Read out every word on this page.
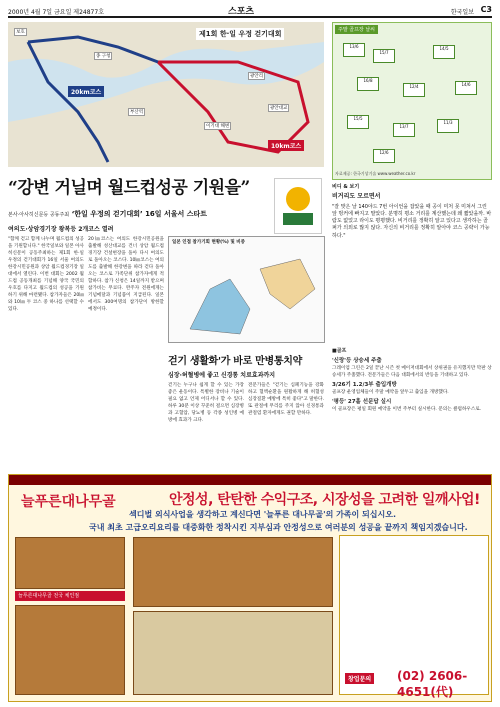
2000년 4월 7일 금요일 제24877호	스포츠	한국일보 C3
제1회 한·일 우정 걷기대회
20km코스
10km코스
보호
종 구청
광안리
이기대 해변
부산역
광안대교
주말 골프장 날씨
13/6
15/7
14/5
16/8
12/4	14/6
15/5
13/7
11/3
12/6
자료제공: 한국기상기술 www.weather.co.kr
비디 & 보기
비거리도 모르면서
"잘 맞은 날 140야드 7번 아이언을 잡았을 때 공이 미처 못 미쳐서 그린 앞 벙커에 빠지고 말았다. 분명히 평소 거리를 계산했는데 왜 짧았을까. 바람도 없었고 라이도 평평했다. 비거리를 정확히 알고 있다고 생각하는 골퍼가 의외로 많지 않다. 자신의 비거리를 정확히 알아야 코스 공략이 가능하다."
“강변 거닐며 월드컵성공 기원을”
본사·아사히신문등 공동주최 ‘한일 우정의 걷기대회’ 16일 서울서 스타트
여의도·상암경기장 왕복등 2개코스 열려
"함께 걷고 함께 나누며 월드컵의 성공을 기원합니다." 한국일보와 일본 아사히신문이 공동주최하는 제1회 한·일 우정의 걷기대회가 16일 서울 여의도 한강시민공원과 상암 월드컵경기장 일대에서 열린다. 이번 대회는 2002 월드컵 공동개최를 기념해 양국 국민의 우호를 다지고 월드컵의 성공을 기원하기 위해 마련됐다. 참가자들은 20㎞와 10㎞ 두 코스 중 하나를 선택할 수 있다.
20㎞코스는 여의도 한강시민공원을 출발해 성산대교를 건너 상암 월드컵경기장 건설현장을 돌아 다시 여의도로 돌아오는 코스다. 10㎞코스는 여의도를 출발해 한강변을 따라 걷다 돌아오는 코스로 가족단위 참가자에게 적합하다. 참가 신청은 14일까지 받으며 참가비는 무료다. 완주자 전원에게는 기념메달과 기념품이 지급된다. 일본에서도 300여명의 참가단이 방한할 예정이다.
일본 인접 참가기회 현황(%) 및 비중
걷기 생활화'가 바로 만병통치약
심장·허혈병에 좋고 신경통 치료효과까지
걷기는 누구나 쉽게 할 수 있는 가장 좋은 운동이다. 특별한 장비나 기술이 필요 없고 언제 어디서나 할 수 있다. 하루 30분 이상 꾸준히 걸으면 심장병과 고혈압, 당뇨병 등 각종 성인병 예방에 효과가 크다.
전문가들은 "걷기는 심폐기능을 강화하고 혈액순환을 원활하게 해 허혈성 심장질환 예방에 특히 좋다"고 말한다. 또 관절에 무리를 주지 않아 신경통과 관절염 환자에게도 권할 만하다.
■골프
'신랑'등 상승세 주춤
그레이엄 그린은 2일 끝난 시즌 첫 메이저대회에서 상위권을 유지했지만 막판 상승세가 주춤했다. 전문가들은 다음 대회에서의 반등을 기대하고 있다.
3/26기 1.2/3부 출입개방
골프장 운영업체들이 주말 예약을 앞두고 출입을 개방했다.
'평등' 27홀 선문답 실시
이 골프장은 평일 회원 예약을 이번 주부터 실시한다. 문의는 클럽하우스로.
늘푸른대나무골	안정성, 탄탄한 수익구조, 시장성을 고려한 일깨사업!
섹디벌 외식사업을 생각하고 계신다면 '늘푸른 대나무골'의 가족이 되십시오.
국내 최초 고급오리요리를 대중화한 정착시킨 지부심과 안정성으로 여러분의 성공을 끝까지 책임지겠습니다.
늘푸른대나무골 전국 체인점
창업문의 (02) 2606-4651(代)
